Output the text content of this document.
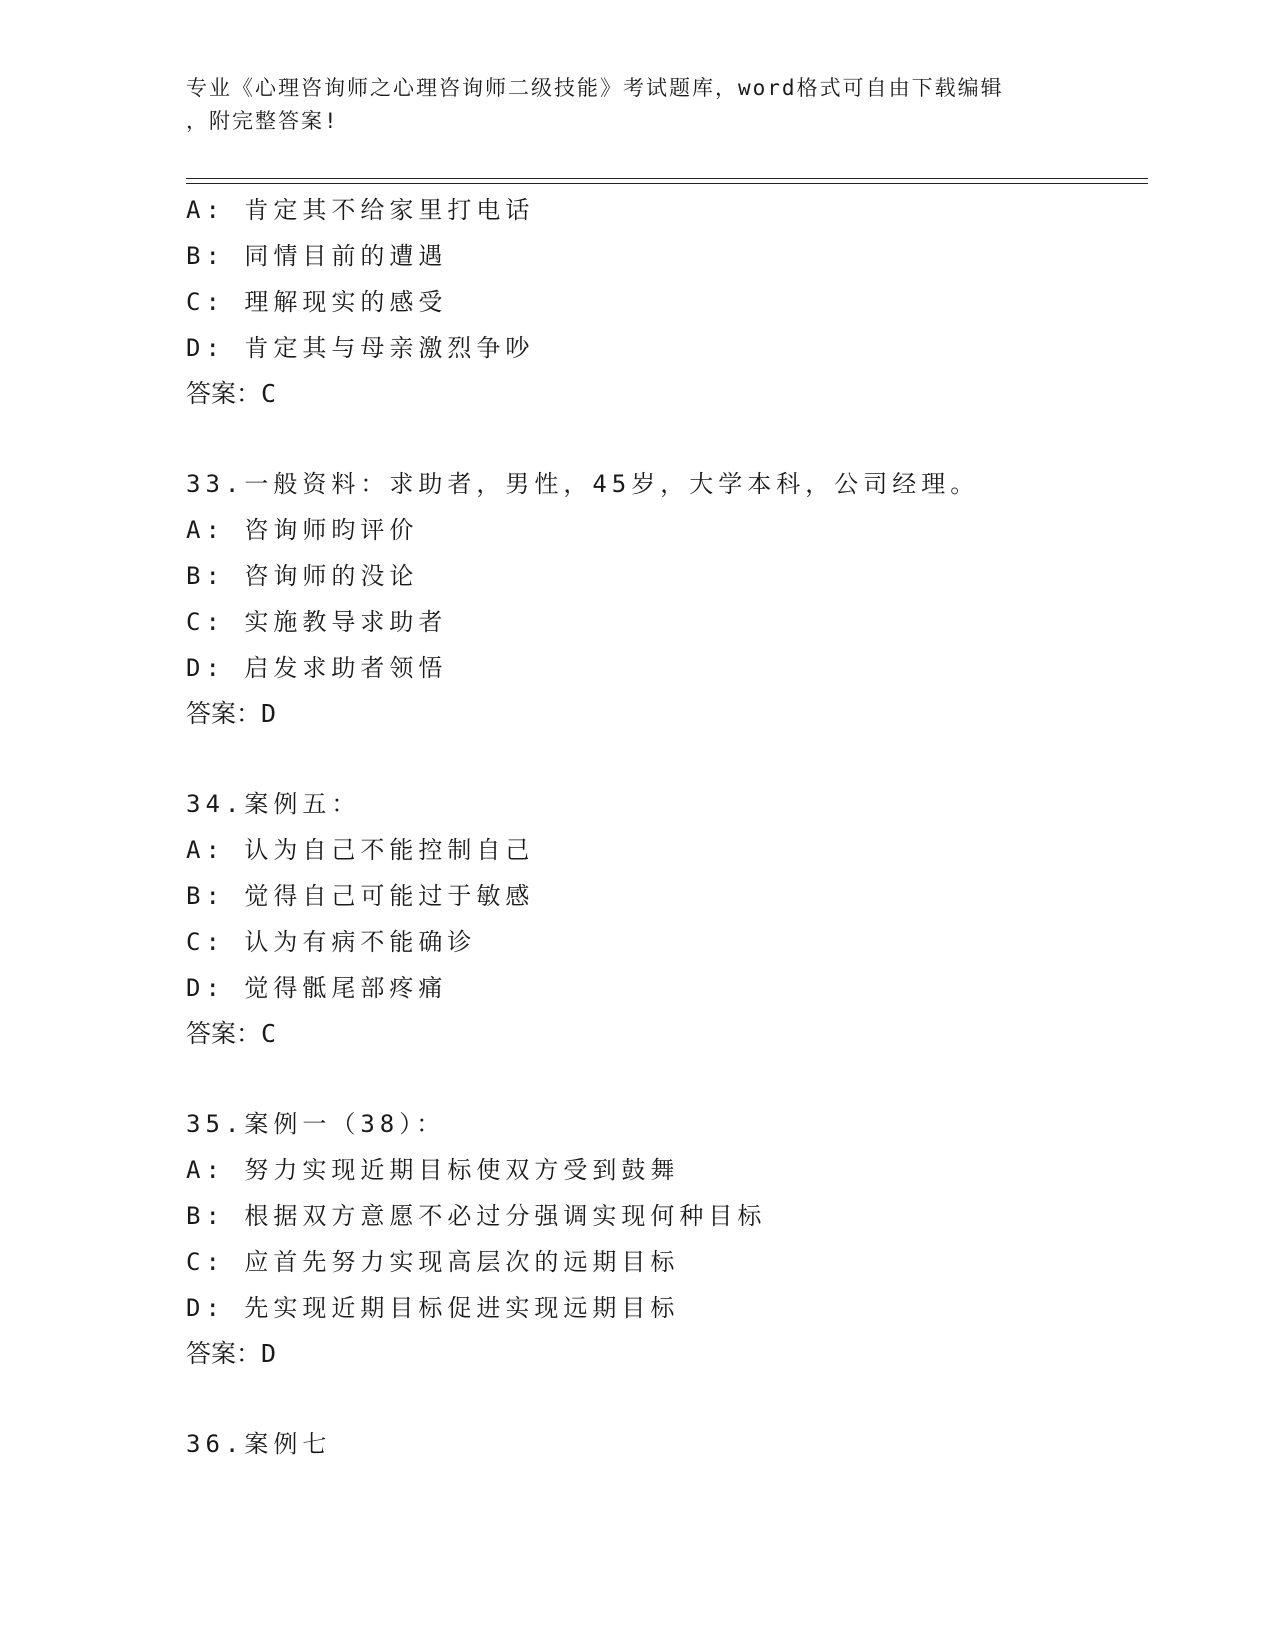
专业《心理咨询师之心理咨询师二级技能》考试题库，word格式可自由下载编辑
，附完整答案!
A: 肯定其不给家里打电话
B: 同情目前的遭遇
C: 理解现实的感受
D: 肯定其与母亲激烈争吵
答案：C
33.一般资料：求助者，男性，45岁，大学本科，公司经理。
A: 咨询师昀评价
B: 咨询师的没论
C: 实施教导求助者
D: 启发求助者领悟
答案：D
34.案例五：
A: 认为自己不能控制自己
B: 觉得自己可能过于敏感
C: 认为有病不能确诊
D: 觉得骶尾部疼痛
答案：C
35.案例一（38）：
A: 努力实现近期目标使双方受到鼓舞
B: 根据双方意愿不必过分强调实现何种目标
C: 应首先努力实现高层次的远期目标
D: 先实现近期目标促进实现远期目标
答案：D
36.案例七
